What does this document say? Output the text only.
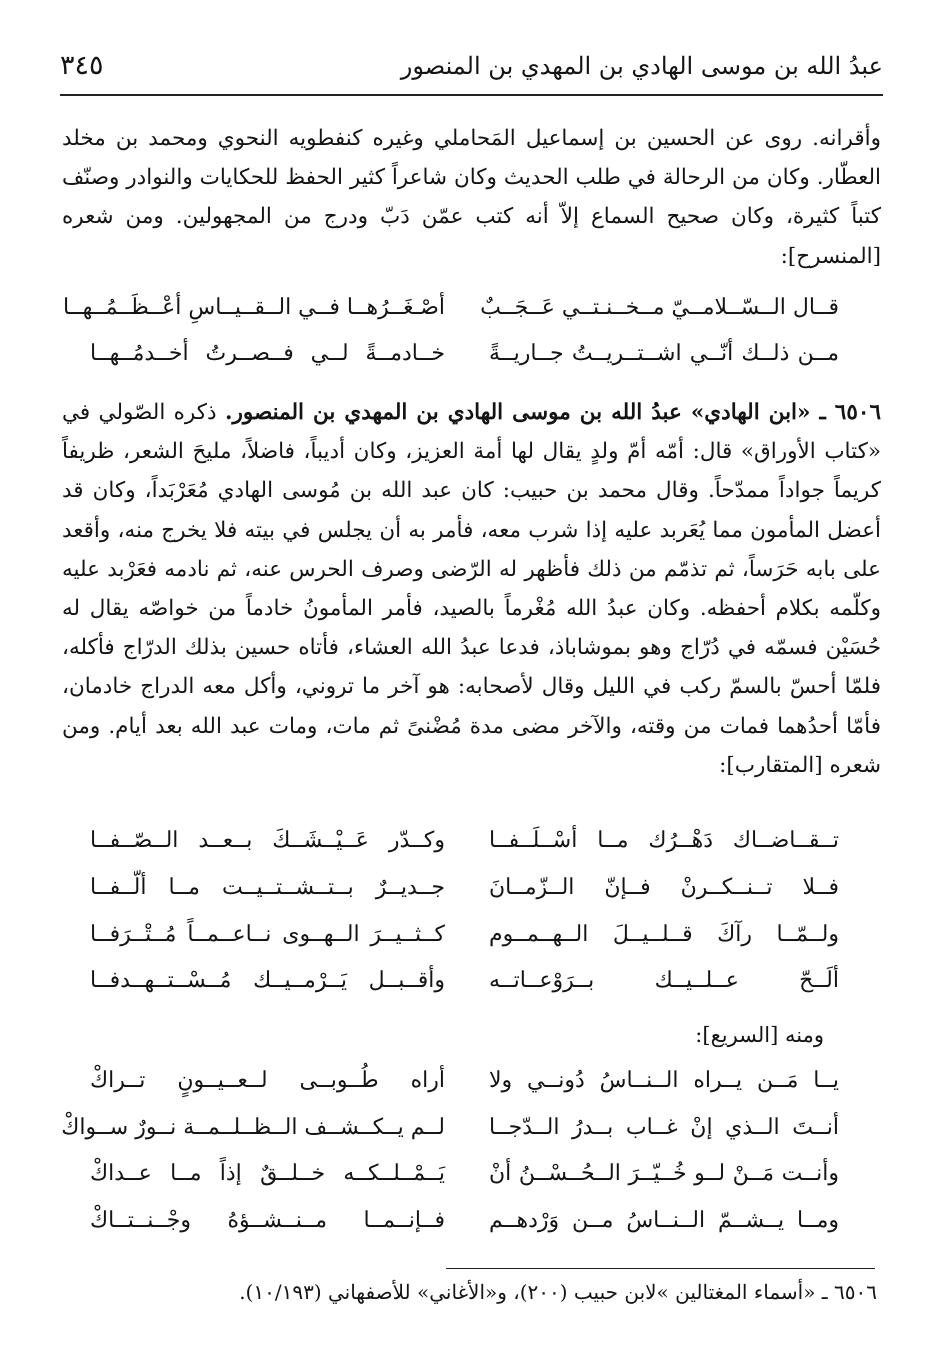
عبدُ الله بن موسى الهادي بن المهدي بن المنصور
٣٤٥

وأقرانه. روى عن الحسين بن إسماعيل المَحاملي وغيره كنفطويه النحوي ومحمد بن مخلد العطّار. وكان من الرحالة في طلب الحديث وكان شاعراً كثير الحفظ للحكايات والنوادر وصنّف كتباً كثيرة، وكان صحيح السماع إلاّ أنه كتب عمّن دَبّ ودرج من المجهولين. ومن شعره [المنسرح]:

قــال الــسّــلامــيّ مــخــنـتــي عَــجَــبٌ
أصْـغَــرُهــا فــي الــقــيــاسِ أعْــظَــمُــهــا
مــن ذلــك أنّــي اشــتــريــتُ جــاريــةً
خــادمــةً لــي فــصــرتُ أخــدمُــهــا

٦٥٠٦ ـ «ابن الهادي» عبدُ الله بن موسى الهادي بن المهدي بن المنصور. ذكره الصّولي في «كتاب الأوراق» قال: أمّه أمّ ولدٍ يقال لها أمة العزيز، وكان أديباً، فاضلاً، مليحَ الشعر، ظريفاً كريماً جواداً ممدّحاً. وقال محمد بن حبيب: كان عبد الله بن مُوسى الهادي مُعَرْبَداً، وكان قد أعضل المأمون مما يُعَربد عليه إذا شرب معه، فأمر به أن يجلس في بيته فلا يخرج منه، وأقعد على بابه حَرَساً، ثم تذمّم من ذلك فأظهر له الرّضى وصرف الحرس عنه، ثم نادمه فعَرْبد عليه وكلّمه بكلام أحفظه. وكان عبدُ الله مُغْرماً بالصيد، فأمر المأمونُ خادماً من خواصّه يقال له حُسَيْن فسمّه في دُرّاج وهو بموشاباذ، فدعا عبدُ الله العشاء، فأتاه حسين بذلك الدرّاج فأكله، فلمّا أحسّ بالسمّ ركب في الليل وقال لأصحابه: هو آخر ما تروني، وأكل معه الدراج خادمان، فأمّا أحدُهما فمات من وقته، والآخر مضى مدة مُضْنىً ثم مات، ومات عبد الله بعد أيام. ومن شعره [المتقارب]:

تــقــاضــاك دَهْــرُك مــا أسْــلَــفــا
وكــدّر عَــيْــشَــكَ بــعــد الــصّــفــا
فــلا تــنــكــرنْ فــإنّ الــزّمــانَ
جــديــرٌ بــتــشــتــيــت مــا ألّــفــا
ولــمّــا رآكَ قــلــيــلَ الــهــمــوم
كــثــيــرَ الــهــوى نــاعــمــاً مُــتْــرَفــا
ألَــحّ عــلــيــك بــرَوْعــاتــه
وأقــبــل يَــرْمــيــك مُــسْــتــهــدفــا
ومنه [السريع]:
يــا مَــن يــراه الــنــاسُ دُونــي ولا
أراه طُــوبــى لــعــيــونٍ تــراكْ
أنــتَ الــذي إنْ غــاب بــدرُ الــدّجــا
لــم يــكــشــف الــظــلــمــة نــورٌ ســواكْ
وأنــت مَــنْ لــو خُــيّــرَ الــحُــسْــنُ أنْ
يَــمْــلــكــه خــلــقٌ إذاً مــا عــداكْ
ومــا يــشــمّ الــنــاسُ مــن وَرْدهــم
فــإنــمــا مــنــشــؤهُ وجْــنــتــاكْ
٦٥٠٦ ـ «أسماء المغتالين »لابن حبيب (٢٠٠)، و«الأغاني» للأصفهاني (١٠/١٩٣).
